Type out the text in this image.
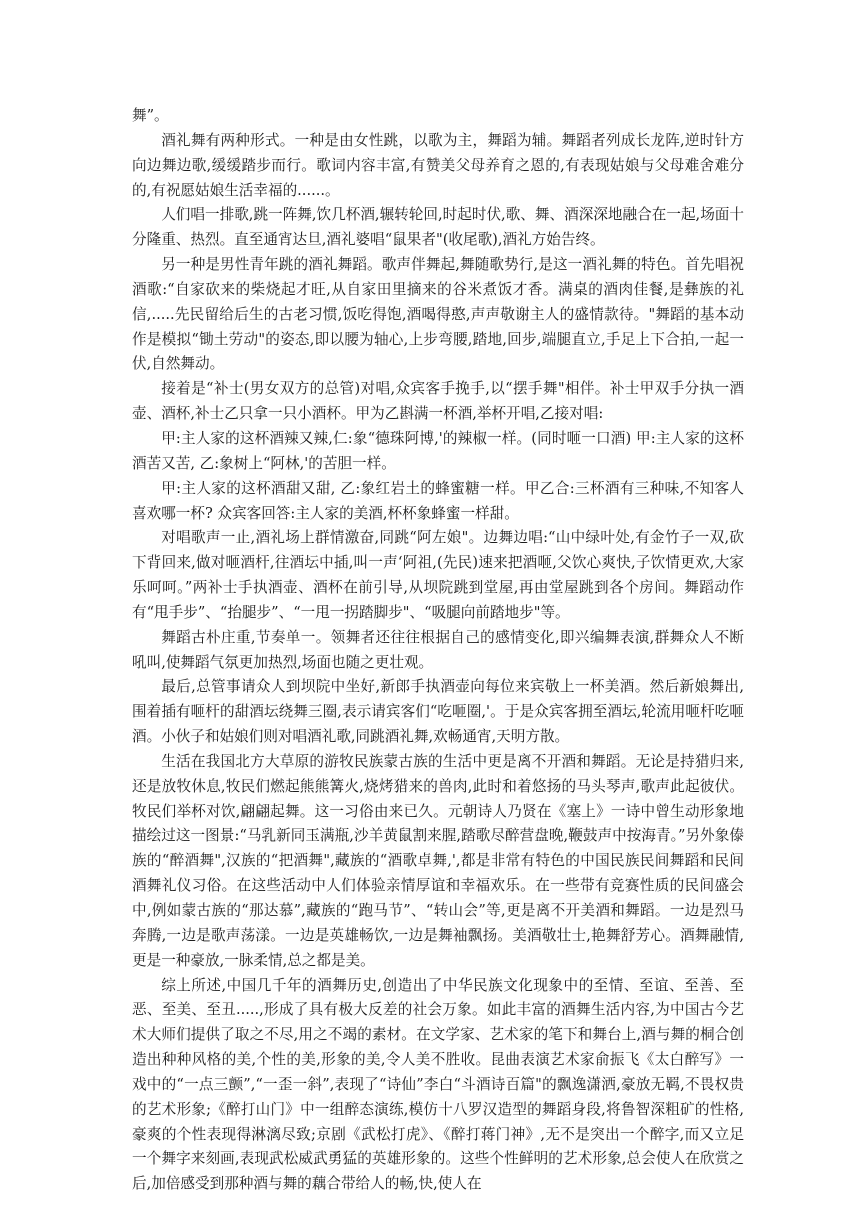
舞”。

酒礼舞有两种形式。一种是由女性跳，以歌为主，舞蹈为辅。舞蹈者列成长龙阵,逆时针方向边舞边歌,缓缓踏步而行。歌词内容丰富,有赞美父母养育之恩的,有表现姑娘与父母难舍难分的,有祝愿姑娘生活幸福的......。

人们唱一排歌,跳一阵舞,饮几杯酒,辗转轮回,时起时伏,歌、舞、酒深深地融合在一起,场面十分隆重、热烈。直至通宵达旦,酒礼婆唱“鼠果者"(收尾歌),酒礼方始告终。

另一种是男性青年跳的酒礼舞蹈。歌声伴舞起,舞随歌势行,是这一酒礼舞的特色。首先唱祝酒歌:“自家砍来的柴烧起才旺,从自家田里摘来的谷米煮饭才香。满桌的酒肉佳餐,是彝族的礼信,.....先民留给后生的古老习惯,饭吃得饱,酒喝得憨,声声敬谢主人的盛情款待。"舞蹈的基本动作是模拟“锄土劳动"的姿态,即以腰为轴心,上步弯腰,踏地,回步,端腿直立,手足上下合拍,一起一伏,自然舞动。

接着是“补士(男女双方的总管)对唱,众宾客手挽手,以“摆手舞"相伴。补士甲双手分执一酒壶、酒杯,补士乙只拿一只小酒杯。甲为乙斟满一杯酒,举杯开唱,乙接对唱:

甲:主人家的这杯酒辣又辣,仁:象“德珠阿博,'的辣椒一样。(同时咂一口酒) 甲:主人家的这杯酒苦又苦, 乙:象树上“阿林,'的苦胆一样。

甲:主人家的这杯酒甜又甜, 乙:象红岩土的蜂蜜糖一样。甲乙合:三杯酒有三种味,不知客人喜欢哪一杯? 众宾客回答:主人家的美酒,杯杯象蜂蜜一样甜。

对唱歌声一止,酒礼场上群情激奋,同跳“阿左娘"。边舞边唱:“山中绿叶处,有金竹子一双,砍下背回来,做对咂酒杆,往酒坛中插,叫一声‘阿祖,(先民)速来把酒咂,父饮心爽快,子饮情更欢,大家乐呵呵。”两补士手执酒壶、酒杯在前引导,从坝院跳到堂屋,再由堂屋跳到各个房间。舞蹈动作有“甩手步”、“抬腿步”、“一甩一拐踏脚步"、“吸腿向前踏地步"等。

舞蹈古朴庄重,节奏单一。领舞者还往往根据自己的感情变化,即兴编舞表演,群舞众人不断吼叫,使舞蹈气氛更加热烈,场面也随之更壮观。

最后,总管事请众人到坝院中坐好,新郎手执酒壶向每位来宾敬上一杯美酒。然后新娘舞出,围着插有咂杆的甜酒坛绕舞三圈,表示请宾客们“吃咂圈,'。于是众宾客拥至酒坛,轮流用咂杆吃咂酒。小伙子和姑娘们则对唱酒礼歌,同跳酒礼舞,欢畅通宵,天明方散。

生活在我国北方大草原的游牧民族蒙古族的生活中更是离不开酒和舞蹈。无论是持猎归来,还是放牧休息,牧民们燃起熊熊篝火,烧烤猎来的兽肉,此时和着悠扬的马头琴声,歌声此起彼伏。牧民们举杯对饮,翩翩起舞。这一习俗由来已久。元朝诗人乃贤在《塞上》一诗中曾生动形象地描绘过这一图景:“马乳新同玉满瓶,沙羊黄鼠割来腥,踏歌尽醉营盘晚,鞭鼓声中按海青。”另外象傣族的“醉酒舞",汉族的“把酒舞",藏族的“酒歌卓舞,',都是非常有特色的中国民族民间舞蹈和民间酒舞礼仪习俗。在这些活动中人们体验亲情厚谊和幸福欢乐。在一些带有竞赛性质的民间盛会中,例如蒙古族的“那达慕”,藏族的“跑马节”、“转山会”等,更是离不开美酒和舞蹈。一边是烈马奔腾,一边是歌声荡漾。一边是英雄畅饮,一边是舞袖飘扬。美酒敬壮士,艳舞舒芳心。酒舞融情,更是一种豪放,一脉柔情,总之都是美。

综上所述,中国几千年的酒舞历史,创造出了中华民族文化现象中的至情、至谊、至善、至恶、至美、至丑.....,形成了具有极大反差的社会万象。如此丰富的酒舞生活内容,为中国古今艺术大师们提供了取之不尽,用之不竭的素材。在文学家、艺术家的笔下和舞台上,酒与舞的桐合创造出种种风格的美,个性的美,形象的美,令人美不胜收。昆曲表演艺术家俞振飞《太白醉写》一戏中的“一点三颤”,“一歪一斜”,表现了“诗仙”李白“斗酒诗百篇"的飘逸潇洒,豪放无羁,不畏权贵的艺术形象;《醉打山门》中一组醉态演练,模仿十八罗汉造型的舞蹈身段,将鲁智深粗矿的性格,豪爽的个性表现得淋漓尽致;京剧《武松打虎》、《醉打蒋门神》,无不是突出一个醉字,而又立足一个舞字来刻画,表现武松威武勇猛的英雄形象的。这些个性鲜明的艺术形象,总会使人在欣赏之后,加倍感受到那种酒与舞的藕合带给人的畅,快,使人在
